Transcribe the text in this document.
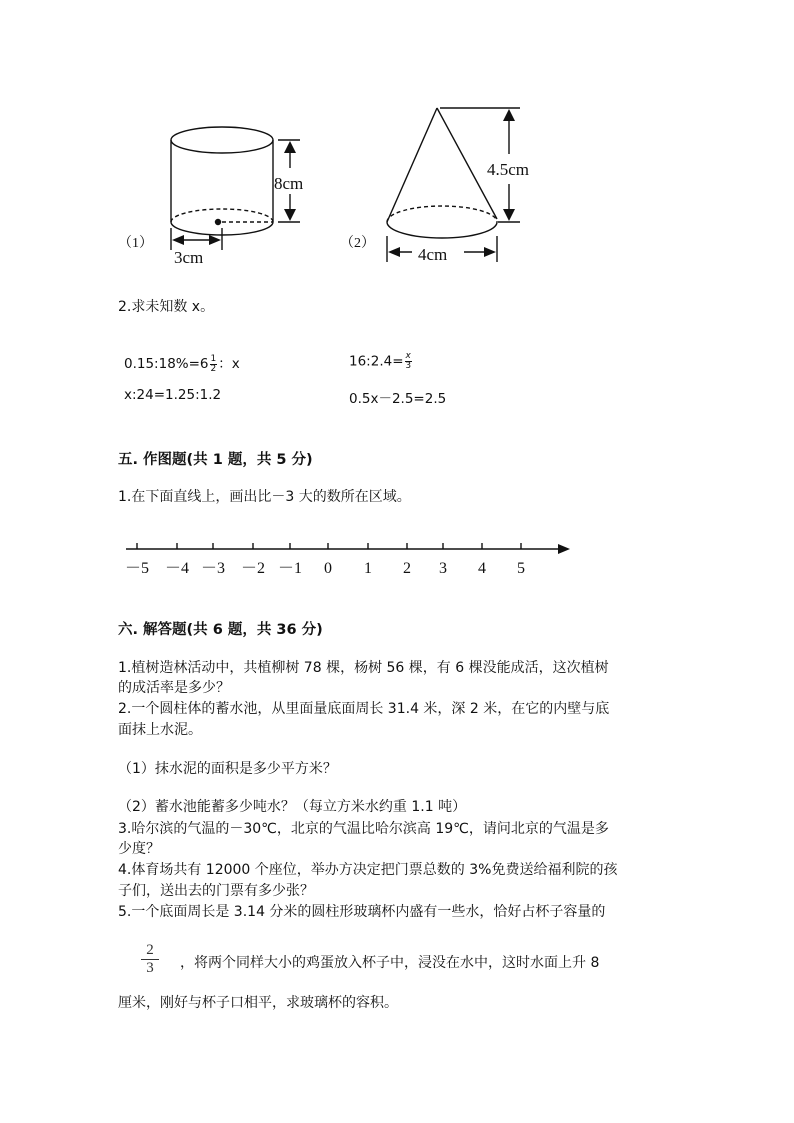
（1）
8cm
3cm
（2）
4.5cm
4cm
2.求未知数 x。
0.15:18%=6 $\frac{1}{2}$ ：x	16:2.4= $\frac{x}{3}$
x:24=1.25:1.2	0.5x－2.5=2.5
五. 作图题(共 1 题，共 5 分)
1.在下面直线上，画出比－3 大的数所在区域。
－5 －4 －3 －2 －1 0 1 2 3 4 5
六. 解答题(共 6 题，共 36 分)
1.植树造林活动中，共植柳树 78 棵，杨树 56 棵，有 6 棵没能成活，这次植树
的成活率是多少？
2.一个圆柱体的蓄水池，从里面量底面周长 31.4 米，深 2 米，在它的内壁与底
面抹上水泥。
（1）抹水泥的面积是多少平方米？
（2）蓄水池能蓄多少吨水？（每立方米水约重 1.1 吨）
3.哈尔滨的气温的－30℃，北京的气温比哈尔滨高 19℃，请问北京的气温是多
少度？
4.体育场共有 12000 个座位，举办方决定把门票总数的 3%免费送给福利院的孩
子们，送出去的门票有多少张？
5.一个底面周长是 3.14 分米的圆柱形玻璃杯内盛有一些水，恰好占杯子容量的
$\frac{2}{3}$ ，将两个同样大小的鸡蛋放入杯子中，浸没在水中，这时水面上升 8
厘米，刚好与杯子口相平，求玻璃杯的容积。
